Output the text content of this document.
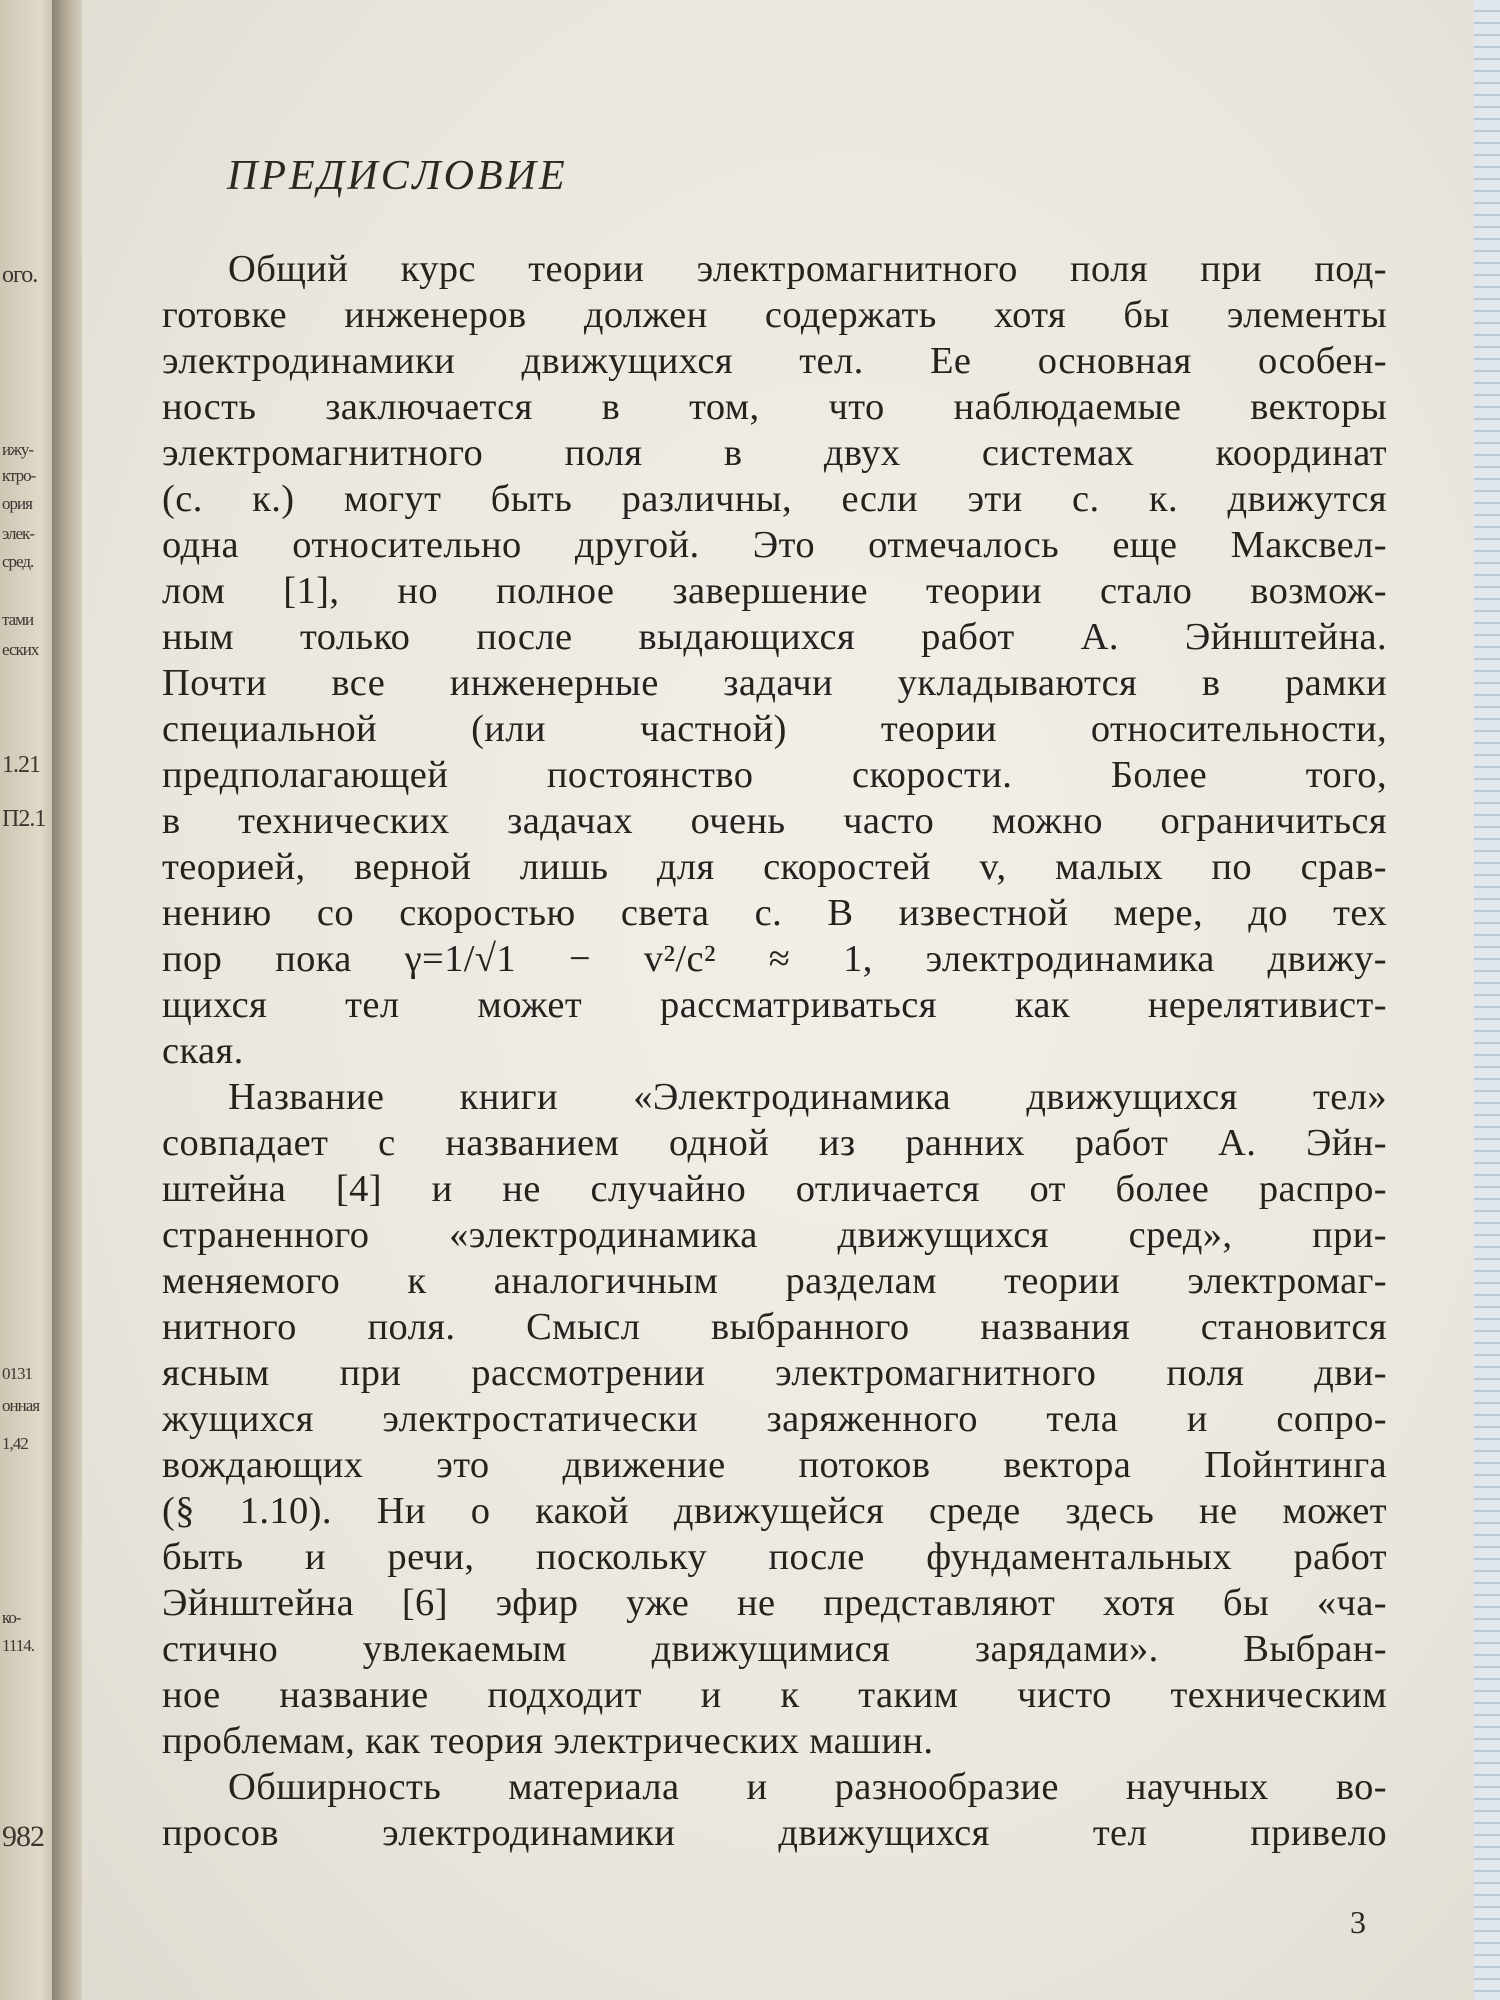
ого.
ижу-
ктро-
ория
элек-
сред.
тами
еских
1.21
П2.1
0131
онная
1,42
ко-
1114.
982
ПРЕДИСЛОВИЕ
Общий курс теории электромагнитного поля при под-
готовке инженеров должен содержать хотя бы элементы
электродинамики движущихся тел. Ее основная особен-
ность заключается в том, что наблюдаемые векторы
электромагнитного поля в двух системах координат
(с. к.) могут быть различны, если эти с. к. движутся
одна относительно другой. Это отмечалось еще Максвел-
лом [1], но полное завершение теории стало возмож-
ным только после выдающихся работ А. Эйнштейна.
Почти все инженерные задачи укладываются в рамки
специальной (или частной) теории относительности,
предполагающей постоянство скорости. Более того,
в технических задачах очень часто можно ограничиться
теорией, верной лишь для скоростей v, малых по срав-
нению со скоростью света c. В известной мере, до тех
пор пока γ=1/√1 − v²/c² ≈ 1, электродинамика движу-
щихся тел может рассматриваться как нерелятивист-
ская.
Название книги «Электродинамика движущихся тел»
совпадает с названием одной из ранних работ А. Эйн-
штейна [4] и не случайно отличается от более распро-
страненного «электродинамика движущихся сред», при-
меняемого к аналогичным разделам теории электромаг-
нитного поля. Смысл выбранного названия становится
ясным при рассмотрении электромагнитного поля дви-
жущихся электростатически заряженного тела и сопро-
вождающих это движение потоков вектора Пойнтинга
(§ 1.10). Ни о какой движущейся среде здесь не может
быть и речи, поскольку после фундаментальных работ
Эйнштейна [6] эфир уже не представляют хотя бы «ча-
стично увлекаемым движущимися зарядами». Выбран-
ное название подходит и к таким чисто техническим
проблемам, как теория электрических машин.
Обширность материала и разнообразие научных во-
просов электродинамики движущихся тел привело
3
